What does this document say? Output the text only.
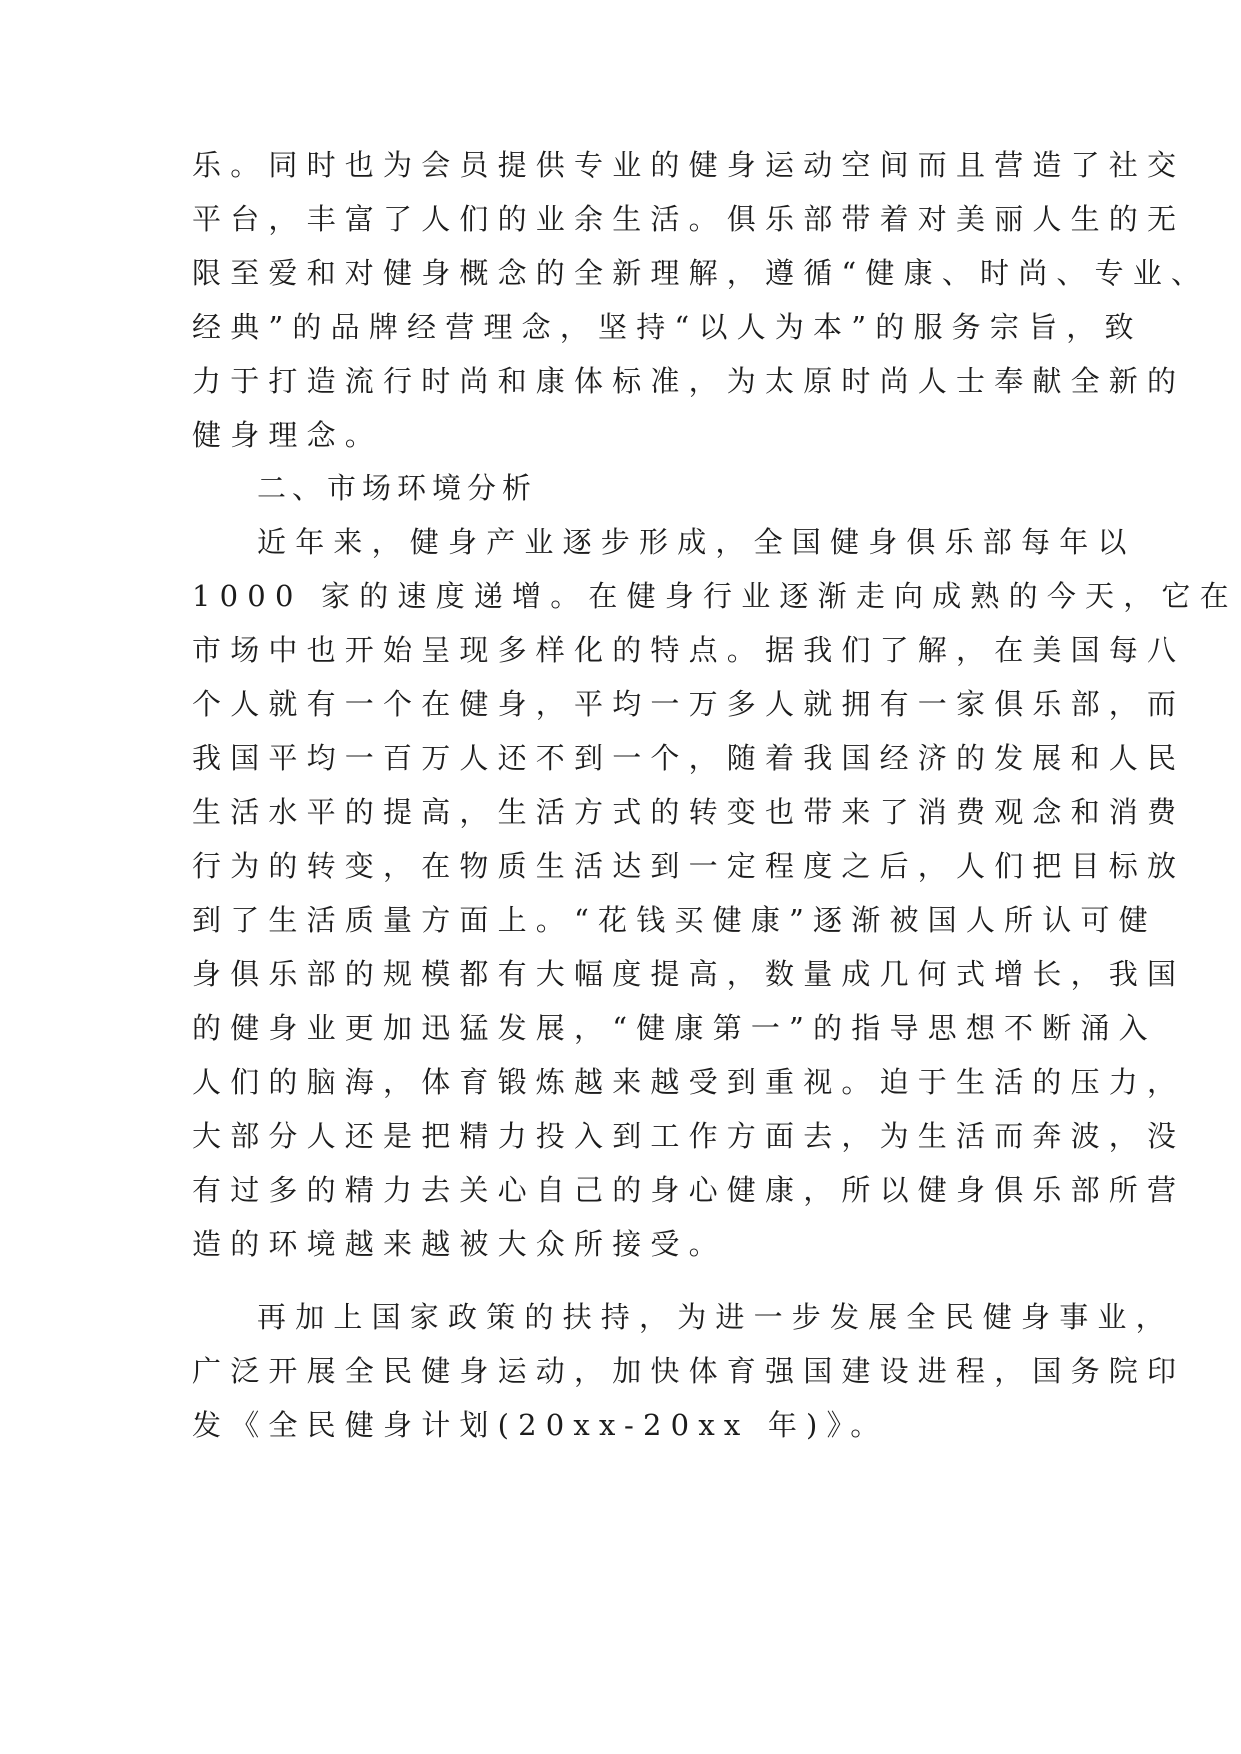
乐。同时也为会员提供专业的健身运动空间而且营造了社交

平台，丰富了人们的业余生活。俱乐部带着对美丽人生的无

限至爱和对健身概念的全新理解，遵循“健康、时尚、专业、

经典”的品牌经营理念，坚持“以人为本”的服务宗旨，致

力于打造流行时尚和康体标准，为太原时尚人士奉献全新的

健身理念。

二、市场环境分析

近年来，健身产业逐步形成，全国健身俱乐部每年以

1000 家的速度递增。在健身行业逐渐走向成熟的今天，它在

市场中也开始呈现多样化的特点。据我们了解，在美国每八

个人就有一个在健身，平均一万多人就拥有一家俱乐部，而

我国平均一百万人还不到一个，随着我国经济的发展和人民

生活水平的提高，生活方式的转变也带来了消费观念和消费

行为的转变，在物质生活达到一定程度之后，人们把目标放

到了生活质量方面上。“花钱买健康”逐渐被国人所认可健

身俱乐部的规模都有大幅度提高，数量成几何式增长，我国

的健身业更加迅猛发展，“健康第一”的指导思想不断涌入

人们的脑海，体育锻炼越来越受到重视。迫于生活的压力，

大部分人还是把精力投入到工作方面去，为生活而奔波，没

有过多的精力去关心自己的身心健康，所以健身俱乐部所营

造的环境越来越被大众所接受。

再加上国家政策的扶持，为进一步发展全民健身事业，

广泛开展全民健身运动，加快体育强国建设进程，国务院印

发《全民健身计划(20xx-20xx 年)》。
